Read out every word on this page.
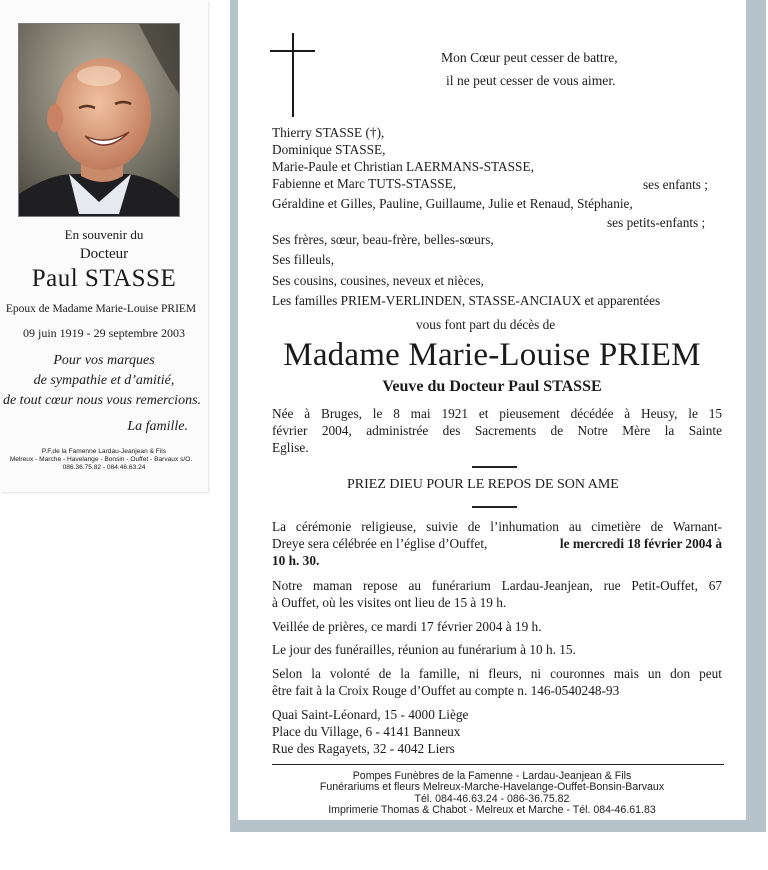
En souvenir du
Docteur
Paul STASSE
Epoux de Madame Marie-Louise PRIEM
09 juin 1919 - 29 septembre 2003
Pour vos marques
de sympathie et d’amitié,
de tout cœur nous vous remercions.
La famille.
P.F.de la Famenne Lardau-Jeanjean & Fils
Melreux - Marche - Havelange - Bonsin - Ouffet - Barvaux s/O.
086.36.75.82 - 084.46.63.24
Mon Cœur peut cesser de battre,
il ne peut cesser de vous aimer.
Thierry STASSE (†),
Dominique STASSE,
Marie-Paule et Christian LAERMANS-STASSE,
Fabienne et Marc TUTS-STASSE,	ses enfants ;
Géraldine et Gilles, Pauline, Guillaume, Julie et Renaud, Stéphanie,
ses petits-enfants ;
Ses frères, sœur, beau-frère, belles-sœurs,
Ses filleuls,
Ses cousins, cousines, neveux et nièces,
Les familles PRIEM-VERLINDEN, STASSE-ANCIAUX et apparentées
vous font part du décès de
Madame Marie-Louise PRIEM
Veuve du Docteur Paul STASSE
Née à Bruges, le 8 mai 1921 et pieusement décédée à Heusy, le 15
février 2004, administrée des Sacrements de Notre Mère la Sainte
Eglise.
PRIEZ DIEU POUR LE REPOS DE SON AME
La cérémonie religieuse, suivie de l’inhumation au cimetière de Warnant-
Dreye sera célébrée en l’église d’Ouffet,	le mercredi 18 février 2004 à
10 h. 30.
Notre maman repose au funérarium Lardau-Jeanjean, rue Petit-Ouffet, 67
à Ouffet, où les visites ont lieu de 15 à 19 h.
Veillée de prières, ce mardi 17 février 2004 à 19 h.
Le jour des funérailles, réunion au funérarium à 10 h. 15.
Selon la volonté de la famille, ni fleurs, ni couronnes mais un don peut
être fait à la Croix Rouge d’Ouffet au compte n. 146-0540248-93
Quai Saint-Léonard, 15 - 4000 Liège
Place du Village, 6 - 4141 Banneux
Rue des Ragayets, 32 - 4042 Liers
Pompes Funèbres de la Famenne - Lardau-Jeanjean & Fils
Funérariums et fleurs Melreux-Marche-Havelange-Ouffet-Bonsin-Barvaux
Tél. 084-46.63.24 - 086-36.75.82
Imprimerie Thomas & Chabot - Melreux et Marche - Tél. 084-46.61.83
